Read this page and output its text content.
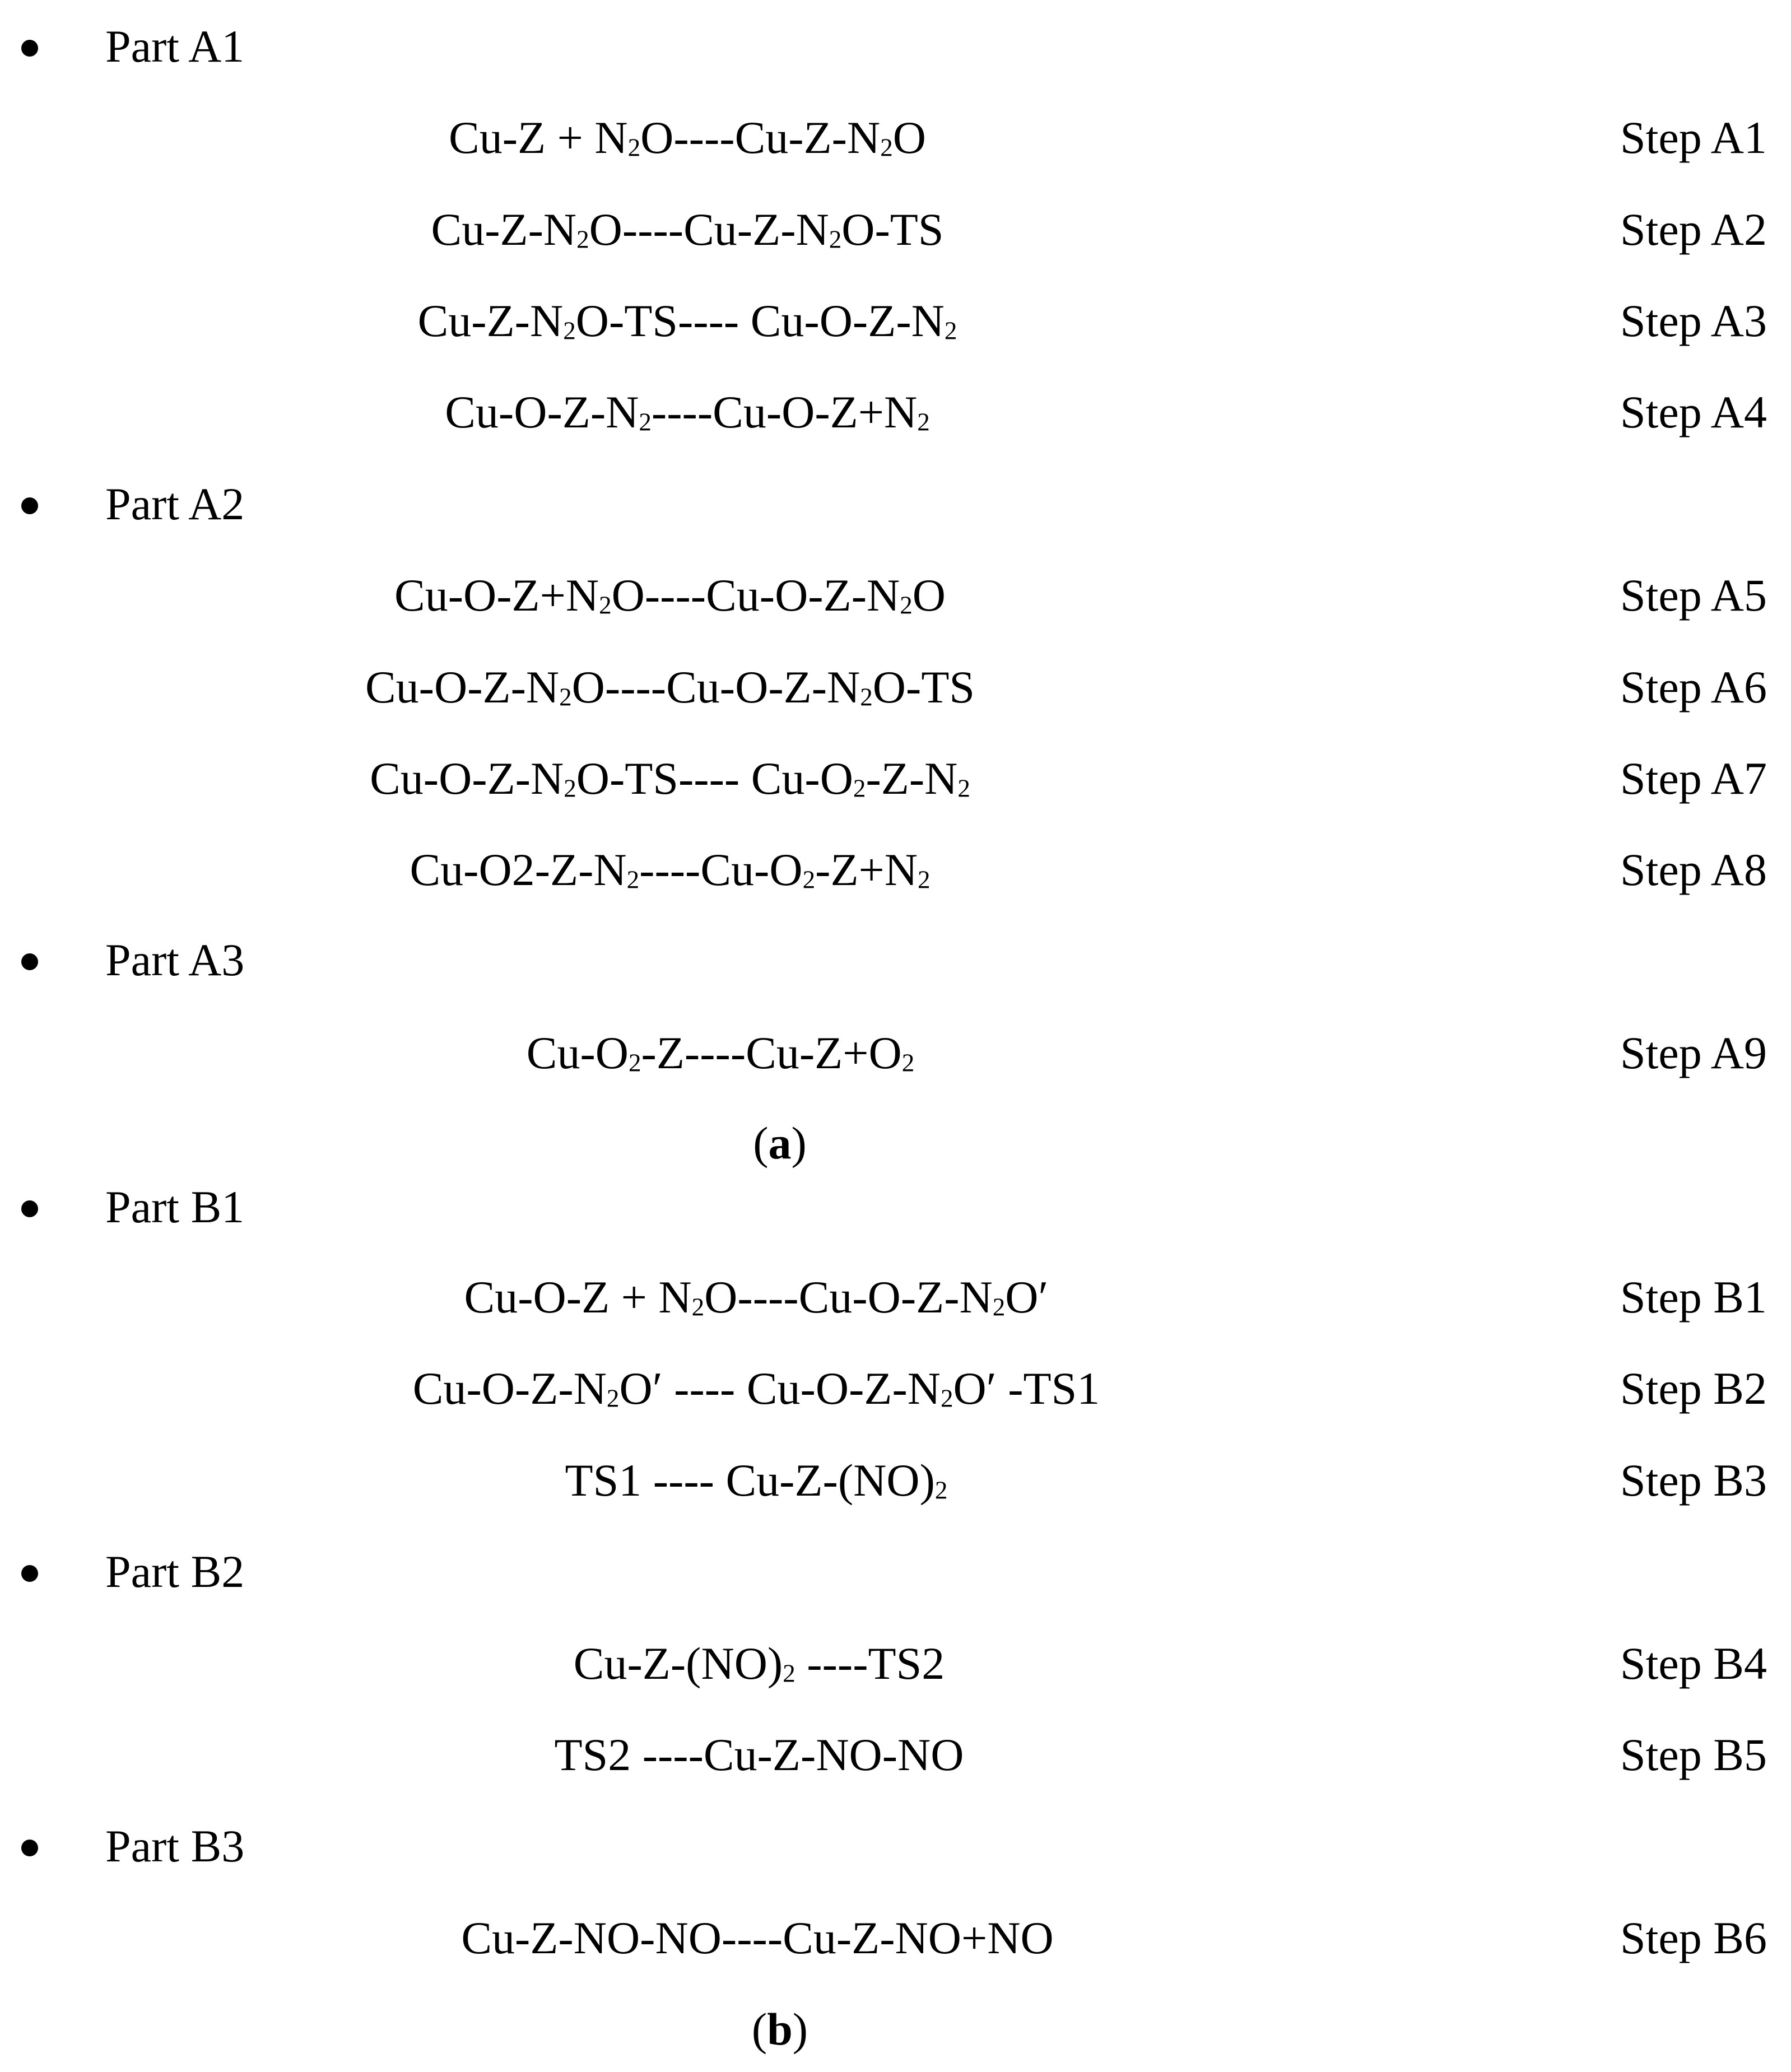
Part A1
$Cu-Z + N_2O----Cu-Z-N_2O$	Step A1
$Cu-Z-N_2O----Cu-Z-N_2O-TS$	Step A2
$Cu-Z-N_2O-TS----$ $Cu-O-Z-N_2$	Step A3
$Cu-O-Z-N_2----Cu-O-Z+N_2$	Step A4
Part A2
$Cu-O-Z+N_2O----Cu-O-Z-N_2O$	Step A5
$Cu-O-Z-N_2O----Cu-O-Z-N_2O-TS$	Step A6
$Cu-O-Z-N_2O-TS----$ $Cu-O_2-Z-N_2$	Step A7
$Cu-O2-Z-N_2----Cu-O_2-Z+N_2$	Step A8
Part A3
$Cu-O_2-Z----Cu-Z+O_2$	Step A9
(a)
Part B1
$Cu-O-Z + N_2O----Cu-O-Z-N_2O'$	Step B1
$Cu-O-Z-N_2O'$ ---- $Cu-O-Z-N_2O'$ -TS1	Step B2
TS1 ---- $Cu-Z-(NO)_2$	Step B3
Part B2
$Cu-Z-(NO)_2$ ----TS2	Step B4
TS2 ----Cu-Z-NO-NO	Step B5
Part B3
Cu-Z-NO-NO----Cu-Z-NO+NO	Step B6
(b)
